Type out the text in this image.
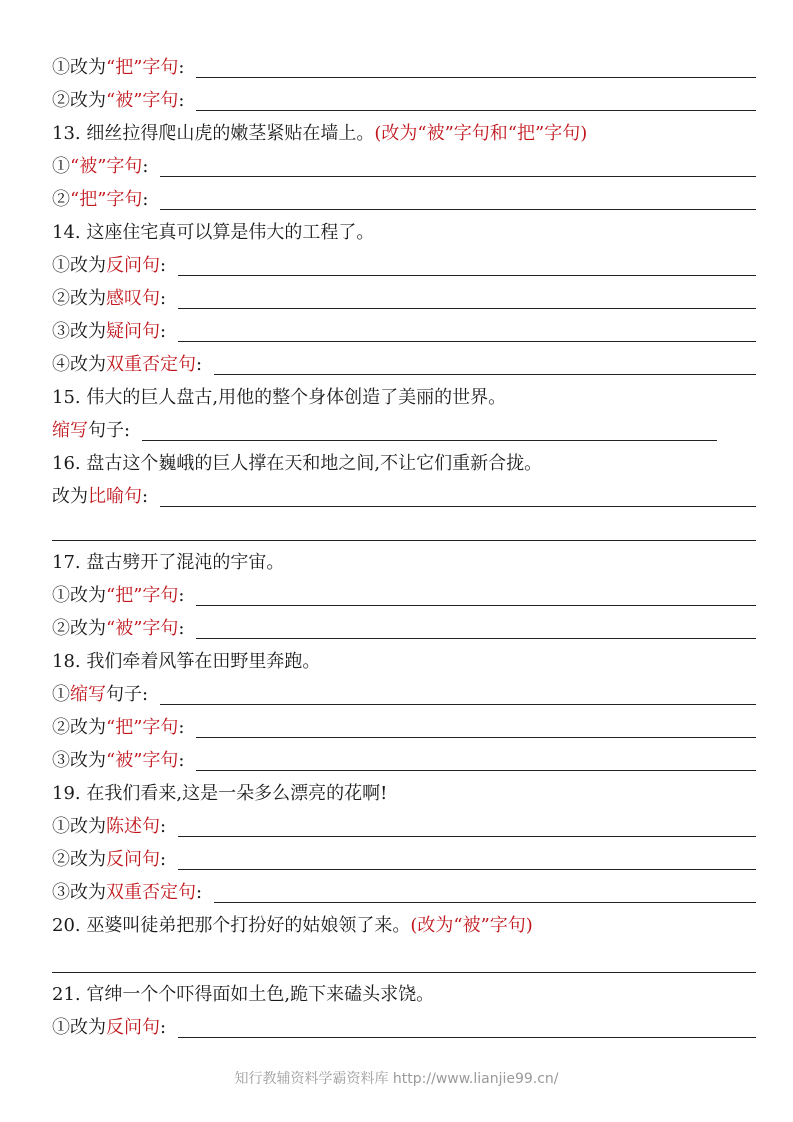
①改为“把”字句:
②改为“被”字句:
13. 细丝拉得爬山虎的嫩茎紧贴在墙上。(改为“被”字句和“把”字句)
①“被”字句:
②“把”字句:
14. 这座住宅真可以算是伟大的工程了。
①改为反问句:
②改为感叹句:
③改为疑问句:
④改为双重否定句:
15. 伟大的巨人盘古,用他的整个身体创造了美丽的世界。
缩写句子:
16. 盘古这个巍峨的巨人撑在天和地之间,不让它们重新合拢。
改为比喻句:
17. 盘古劈开了混沌的宇宙。
①改为“把”字句:
②改为“被”字句:
18. 我们牵着风筝在田野里奔跑。
①缩写句子:
②改为“把”字句:
③改为“被”字句:
19. 在我们看来,这是一朵多么漂亮的花啊!
①改为陈述句:
②改为反问句:
③改为双重否定句:
20. 巫婆叫徒弟把那个打扮好的姑娘领了来。(改为“被”字句)
21. 官绅一个个吓得面如土色,跪下来磕头求饶。
①改为反问句:
知行教辅资料学霸资料库 http://www.lianjie99.cn/
